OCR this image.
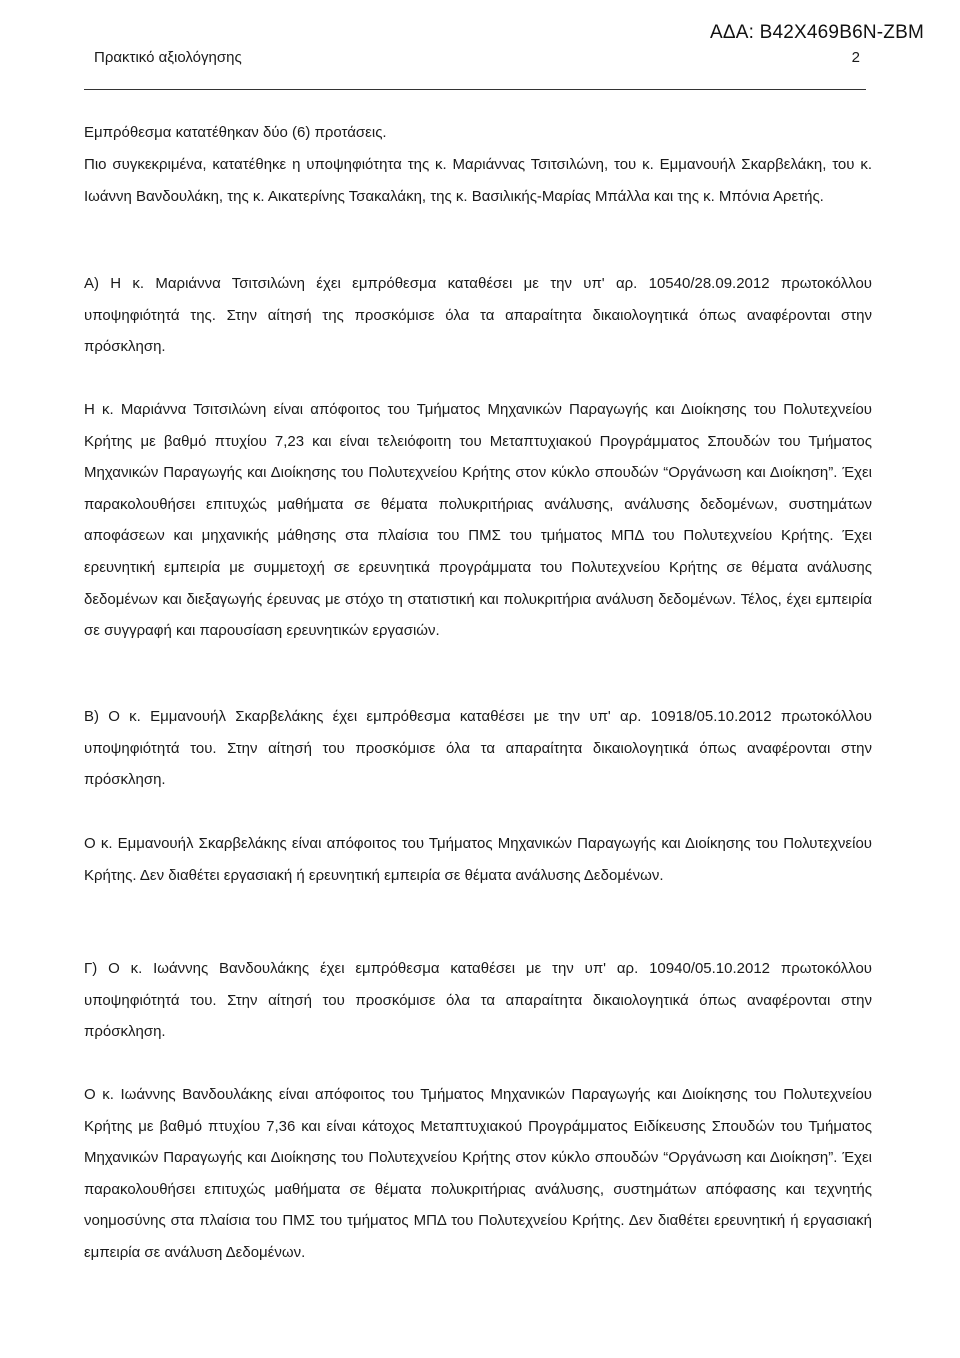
ΑΔΑ: Β42Χ469Β6Ν-ΖΒΜ
Πρακτικό αξιολόγησης	2
Εμπρόθεσμα κατατέθηκαν δύο (6) προτάσεις.
Πιο συγκεκριμένα, κατατέθηκε η υποψηφιότητα της κ. Μαριάννας Τσιτσιλώνη, του κ. Εμμανουήλ Σκαρβελάκη, του κ. Ιωάννη Βανδουλάκη, της κ. Αικατερίνης Τσακαλάκη, της κ. Βασιλικής-Μαρίας Μπάλλα και της κ. Μπόνια Αρετής.
Α) Η κ. Μαριάννα Τσιτσιλώνη έχει εμπρόθεσμα καταθέσει με την υπ' αρ. 10540/28.09.2012 πρωτοκόλλου υποψηφιότητά της. Στην αίτησή της προσκόμισε όλα τα απαραίτητα δικαιολογητικά όπως αναφέρονται στην πρόσκληση.
Η κ. Μαριάννα Τσιτσιλώνη είναι απόφοιτος του Τμήματος Μηχανικών Παραγωγής και Διοίκησης του Πολυτεχνείου Κρήτης με βαθμό πτυχίου 7,23 και είναι τελειόφοιτη του Μεταπτυχιακού Προγράμματος Σπουδών του Τμήματος Μηχανικών Παραγωγής και Διοίκησης του Πολυτεχνείου Κρήτης στον κύκλο σπουδών “Οργάνωση και Διοίκηση”. Έχει παρακολουθήσει επιτυχώς μαθήματα σε θέματα πολυκριτήριας ανάλυσης, ανάλυσης δεδομένων, συστημάτων αποφάσεων και μηχανικής μάθησης στα πλαίσια του ΠΜΣ του τμήματος ΜΠΔ του Πολυτεχνείου Κρήτης. Έχει ερευνητική εμπειρία με συμμετοχή σε ερευνητικά προγράμματα του Πολυτεχνείου Κρήτης σε θέματα ανάλυσης δεδομένων και διεξαγωγής έρευνας με στόχο τη στατιστική και πολυκριτήρια ανάλυση δεδομένων. Τέλος, έχει εμπειρία σε συγγραφή και παρουσίαση ερευνητικών εργασιών.
Β) Ο κ. Εμμανουήλ Σκαρβελάκης έχει εμπρόθεσμα καταθέσει με την υπ' αρ. 10918/05.10.2012 πρωτοκόλλου υποψηφιότητά του. Στην αίτησή του προσκόμισε όλα τα απαραίτητα δικαιολογητικά όπως αναφέρονται στην πρόσκληση.
Ο κ. Εμμανουήλ Σκαρβελάκης είναι απόφοιτος του Τμήματος Μηχανικών Παραγωγής και Διοίκησης του Πολυτεχνείου Κρήτης. Δεν διαθέτει εργασιακή ή ερευνητική εμπειρία σε θέματα ανάλυσης Δεδομένων.
Γ) Ο κ. Ιωάννης Βανδουλάκης έχει εμπρόθεσμα καταθέσει με την υπ' αρ. 10940/05.10.2012 πρωτοκόλλου υποψηφιότητά του. Στην αίτησή του προσκόμισε όλα τα απαραίτητα δικαιολογητικά όπως αναφέρονται στην πρόσκληση.
Ο κ. Ιωάννης Βανδουλάκης είναι απόφοιτος του Τμήματος Μηχανικών Παραγωγής και Διοίκησης του Πολυτεχνείου Κρήτης με βαθμό πτυχίου 7,36 και είναι κάτοχος Μεταπτυχιακού Προγράμματος Ειδίκευσης Σπουδών του Τμήματος Μηχανικών Παραγωγής και Διοίκησης του Πολυτεχνείου Κρήτης στον κύκλο σπουδών “Οργάνωση και Διοίκηση”. Έχει παρακολουθήσει επιτυχώς μαθήματα σε θέματα πολυκριτήριας ανάλυσης, συστημάτων απόφασης και τεχνητής νοημοσύνης στα πλαίσια του ΠΜΣ του τμήματος ΜΠΔ του Πολυτεχνείου Κρήτης. Δεν διαθέτει ερευνητική ή εργασιακή εμπειρία σε ανάλυση Δεδομένων.
